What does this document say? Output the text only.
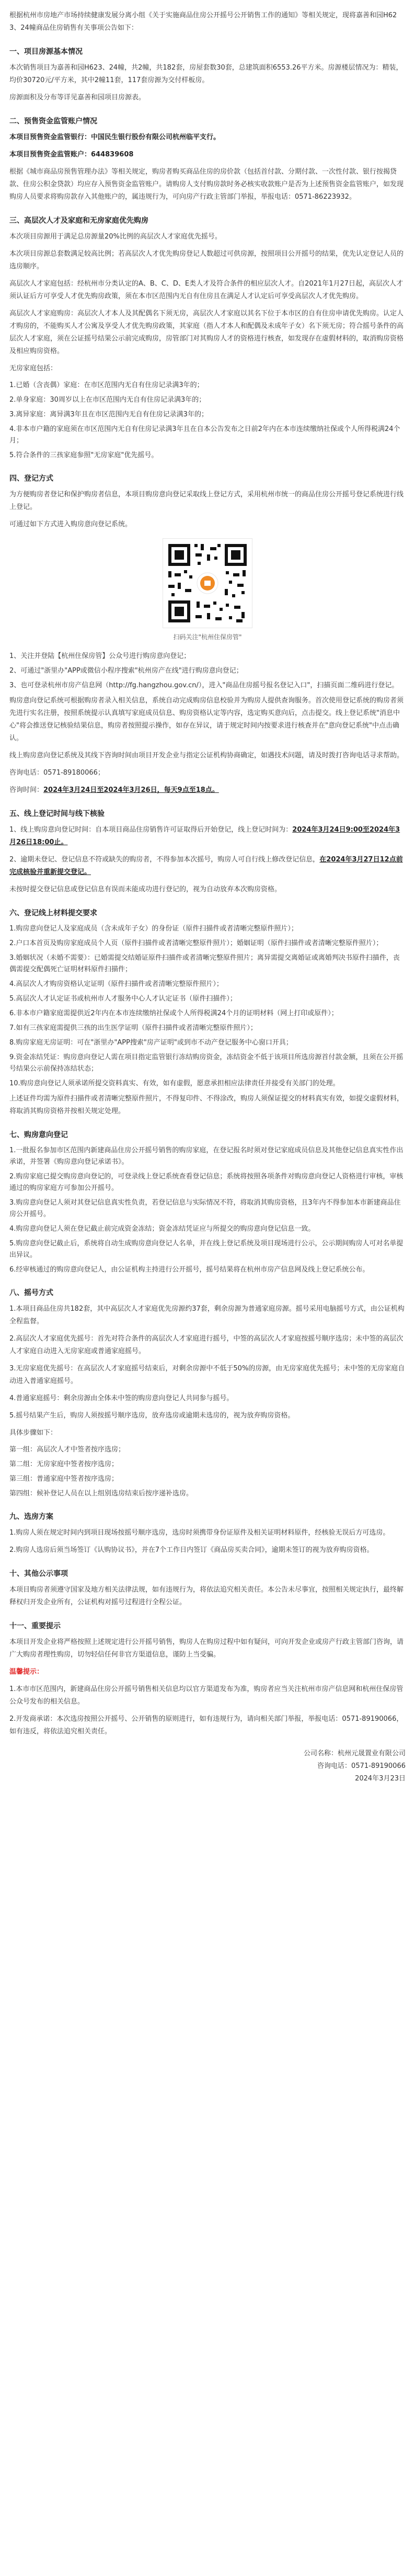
根据杭州市房地产市场持续健康发展分离小组《关于实施商品住房公开摇号公开销售工作的通知》等相关规定，现将嘉善和园H623、24幢商品住房销售有关事项公告如下：

一、项目房源基本情况

本次销售项目为嘉善和园H623、24幢，共2幢，共182套，房屋套数30套，总建筑面积6553.26平方米。房源楼层情况为：精装，均价30720元/平方米，其中2幢11套，117套房源为交付样板房。

房源面积及分布等详见嘉善和园项目房源表。

二、预售资金监管账户情况

本项目预售资金监管银行：中国民生银行股份有限公司杭州临平支行。

本项目预售资金监管账户：644839608

根据《城市商品房预售管理办法》等相关规定，购房者购买商品住房的房价款（包括首付款、分期付款、一次性付款、银行按揭贷款、住房公积金贷款）均应存入预售资金监管账户。请购房人支付购房款时务必核实收款账户是否为上述预售资金监管账户，如发现购房人员要求将购房款存入其他账户的，属违规行为，可向房产行政主管部门举报，举报电话：0571-86223932。

三、高层次人才及家庭和无房家庭优先购房

本次项目房源用于满足总房源量20%比例的高层次人才家庭优先摇号。

本次项目房源总套数满足较高比例；若高层次人才优先购房登记人数超过可供房源，按照项目公开摇号的结果，优先认定登记人员的选房顺序。

高层次人才家庭包括：经杭州市分类认定的A、B、C、D、E类人才及符合条件的相应层次人才。自2021年1月27日起，高层次人才须认证后方可享受人才优先购房政策，须在本市区范围内无自有住房且在满足人才认定后可享受高层次人才优先购房。

高层次人才家庭购房：高层次人才本人及其配偶名下须无房，高层次人才家庭以其名下位于本市区的自有住房申请优先购房。认定人才购房的，不能购买人才公寓及享受人才优先购房政策，其家庭（指人才本人和配偶及未成年子女）名下须无房；符合摇号条件的高层次人才家庭，须在公证摇号结果公示前完成购房，房管部门对其购房人才的资格进行核查，如发现存在虚假材料的，取消购房资格及相应购房资格。

无房家庭包括：

1.已婚（含丧偶）家庭：在市区范围内无自有住房记录满3年的；
2.单身家庭：30周岁以上在市区范围内无自有住房记录满3年的；
3.离异家庭：离异满3年且在市区范围内无自有住房记录满3年的；
4.非本市户籍的家庭须在市区范围内无自有住房记录满3年且在自本公告发布之日前2年内在本市连续缴纳社保或个人所得税满24个月；
5.符合条件的三孩家庭参照"无房家庭"优先摇号。
四、登记方式

为方便购房者登记和保护购房者信息，本项目购房意向登记采取线上登记方式，采用杭州市统一的商品住房公开摇号登记系统进行线上登记。

可通过如下方式进入购房意向登记系统。

扫码关注"杭州住保房管"
1、关注并登陆【杭州住保房管】公众号进行购房意向登记；
2、可通过"浙里办"APP或微信小程序搜索"杭州房产在线"进行购房意向登记；
3、也可登录杭州市房产信息网（http://fg.hangzhou.gov.cn/），进入"商品住房摇号报名登记入口"，扫描页面二维码进行登记。

购房意向登记系统可根据购房者录入相关信息，系统自动完成购房信息校验并为购房人提供查询服务。首次使用登记系统的购房者须先进行实名注册，按照系统提示认真填写家庭成员信息、购房资格认定等内容，选定购买意向后，点击提交。线上登记系统"消息中心"将会推送登记核验结果信息，购房者按照提示操作，如存在异议，请于规定时间内按要求进行核查并在"意向登记系统"中点击确认。

线上购房意向登记系统及其线下咨询时间由项目开发企业与指定公证机构协商确定，如遇技术问题，请及时拨打咨询电话寻求帮助。

咨询电话：0571-89180066；

咨询时间：2024年3月24日至2024年3月26日，每天9点至18点。

五、线上登记时间与线下核验

1、线上购房意向登记时间：自本项目商品住房销售许可证取得后开始登记，线上登记时间为：2024年3月24日9:00至2024年3月26日18:00止。

2、逾期未登记、登记信息不符或缺失的购房者，不得参加本次摇号，购房人可自行线上修改登记信息，在2024年3月27日12点前完成核验并重新提交登记。

未按时提交登记信息或登记信息有误而未能成功进行登记的，视为自动放弃本次购房资格。

六、登记线上材料提交要求
1.购房意向登记人及家庭成员（含未成年子女）的身份证（原件扫描件或者清晰完整原件照片）；
2.户口本首页及购房家庭成员个人页（原件扫描件或者清晰完整原件照片）；婚姻证明（原件扫描件或者清晰完整原件照片）；
3.婚姻状况（未婚不需要）：已婚需提交结婚证原件扫描件或者清晰完整原件照片；离异需提交离婚证或离婚判决书原件扫描件，丧偶需提交配偶死亡证明材料原件扫描件；
4.高层次人才购房资格认定证明（原件扫描件或者清晰完整原件照片）；
5.高层次人才认定证书或杭州市人才服务中心人才认定证书（原件扫描件）；
6.非本市户籍家庭需提供近2年内在本市连续缴纳社保或个人所得税满24个月的证明材料（网上打印或原件）；
7.如有三孩家庭需提供三孩的出生医学证明（原件扫描件或者清晰完整原件照片）；
8.购房家庭无房证明：可在"浙里办"APP搜索"房产证明"或到市不动产登记服务中心窗口开具；
9.资金冻结凭证：购房意向登记人需在项目指定监管银行冻结购房资金，冻结资金不低于该项目所选房源首付款金额，且须在公开摇号结果公示前保持冻结状态；
10.购房意向登记人须承诺所提交资料真实、有效，如有虚假，愿意承担相应法律责任并接受有关部门的处理。

上述证件均需为原件扫描件或者清晰完整原件照片，不得复印件、不得涂改，购房人须保证提交的材料真实有效，如提交虚假材料，将取消其购房资格并按相关规定处理。

七、购房意向登记
1.一批报名参加市区范围内新建商品住房公开摇号销售的购房家庭，在登记报名时须对登记家庭成员信息及其他登记信息真实性作出承诺，并签署《购房意向登记承诺书》。
2.购房家庭已提交购房意向登记的，可登录线上登记系统查看登记信息；系统将按照各项条件对购房意向登记人资格进行审核，审核通过的购房家庭方可参加公开摇号。
3.购房意向登记人须对其登记信息真实性负责，若登记信息与实际情况不符，将取消其购房资格，且3年内不得参加本市新建商品住房公开摇号。
4.购房意向登记人须在登记截止前完成资金冻结；资金冻结凭证应与所提交的购房意向登记信息一致。
5.购房意向登记截止后，系统将自动生成购房意向登记人名单，并在线上登记系统及项目现场进行公示，公示期间购房人可对名单提出异议。
6.经审核通过的购房意向登记人，由公证机构主持进行公开摇号，摇号结果将在杭州市房产信息网及线上登记系统公布。
八、摇号方式

1.本项目商品住房共182套，其中高层次人才家庭优先房源约37套，剩余房源为普通家庭房源。摇号采用电脑摇号方式，由公证机构全程监督。

2.高层次人才家庭优先摇号：首先对符合条件的高层次人才家庭进行摇号，中签的高层次人才家庭按摇号顺序选房；未中签的高层次人才家庭自动进入无房家庭或普通家庭摇号。

3.无房家庭优先摇号：在高层次人才家庭摇号结束后，对剩余房源中不低于50%的房源，由无房家庭优先摇号；未中签的无房家庭自动进入普通家庭摇号。

4.普通家庭摇号：剩余房源由全体未中签的购房意向登记人共同参与摇号。

5.摇号结果产生后，购房人须按摇号顺序选房，放弃选房或逾期未选房的，视为放弃购房资格。

具体步骤如下：

第一组：高层次人才中签者按序选房；
第二组：无房家庭中签者按序选房；
第三组：普通家庭中签者按序选房；
第四组：候补登记人员在以上组别选房结束后按序递补选房。
九、选房方案

1.购房人须在规定时间内到项目现场按摇号顺序选房，选房时须携带身份证原件及相关证明材料原件，经核验无误后方可选房。

2.购房人选房后须当场签订《认购协议书》，并在7个工作日内签订《商品房买卖合同》，逾期未签订的视为放弃购房资格。

十、其他公示事项

本项目购房者须遵守国家及地方相关法律法规，如有违规行为，将依法追究相关责任。本公告未尽事宜，按照相关规定执行，最终解释权归开发企业所有，公证机构对摇号过程进行全程公证。

十一、重要提示

本项目开发企业将严格按照上述规定进行公开摇号销售，购房人在购房过程中如有疑问，可向开发企业或房产行政主管部门咨询，请广大购房者理性购房，切勿轻信任何非官方渠道信息，谨防上当受骗。

温馨提示：

1.本市市区范围内，新建商品住房公开摇号销售相关信息均以官方渠道发布为准，购房者应当关注杭州市房产信息网和杭州住保房管公众号发布的相关信息。

2.开发商承诺：本次选房按照公开摇号、公开销售的原则进行，如有违规行为，请向相关部门举报，举报电话：0571-89190066，如有违反，将依法追究相关责任。

公司名称：杭州元晟置业有限公司
咨询电话：0571-89190066
2024年3月23日
